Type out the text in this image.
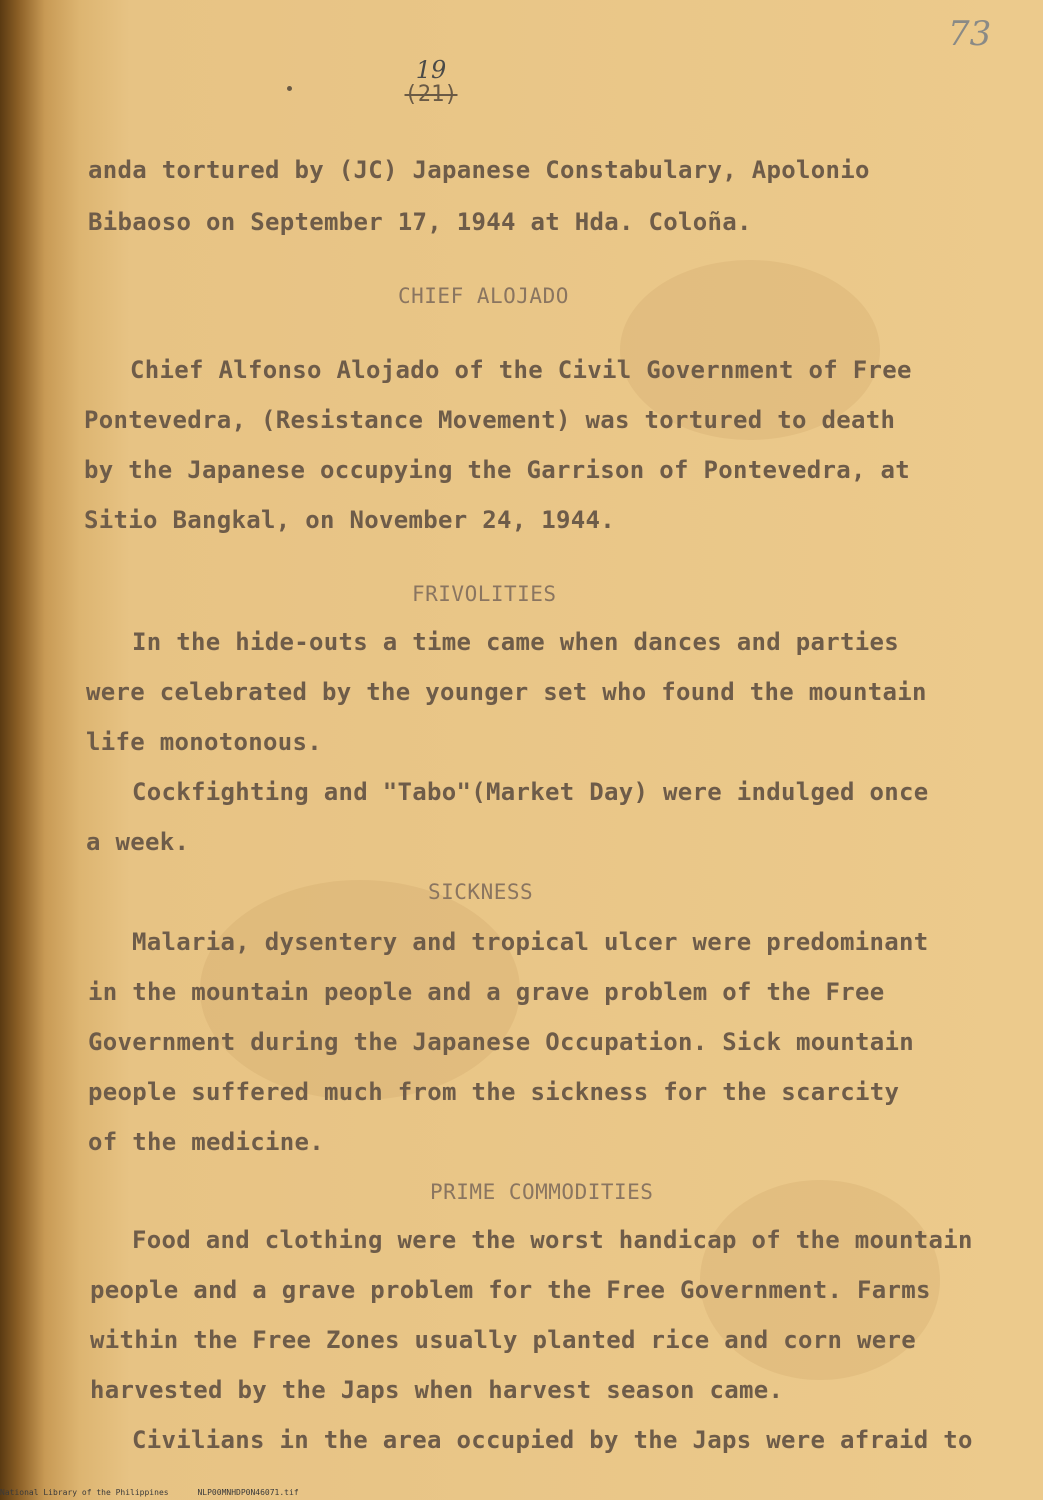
73
19
(21)
anda tortured by (JC) Japanese Constabulary, Apolonio
Bibaoso on September 17, 1944 at Hda. Coloña.
CHIEF ALOJADO
Chief Alfonso Alojado of the Civil Government of Free
Pontevedra, (Resistance Movement) was tortured to death
by the Japanese occupying the Garrison of Pontevedra, at
Sitio Bangkal, on November 24, 1944.
FRIVOLITIES
In the hide-outs a time came when dances and parties
were celebrated by the younger set who found the mountain
life monotonous.
Cockfighting and "Tabo"(Market Day) were indulged once
a week.
SICKNESS
Malaria, dysentery and tropical ulcer were predominant
in the mountain people and a grave problem of the Free
Government during the Japanese Occupation. Sick mountain
people suffered much from the sickness for the scarcity
of the medicine.
PRIME COMMODITIES
Food and clothing were the worst handicap of the mountain
people and a grave problem for the Free Government. Farms
within the Free Zones usually planted rice and corn were
harvested by the Japs when harvest season came.
Civilians in the area occupied by the Japs were afraid to
National Library of the Philippines	NLP00MNHDP0N46071.tif
